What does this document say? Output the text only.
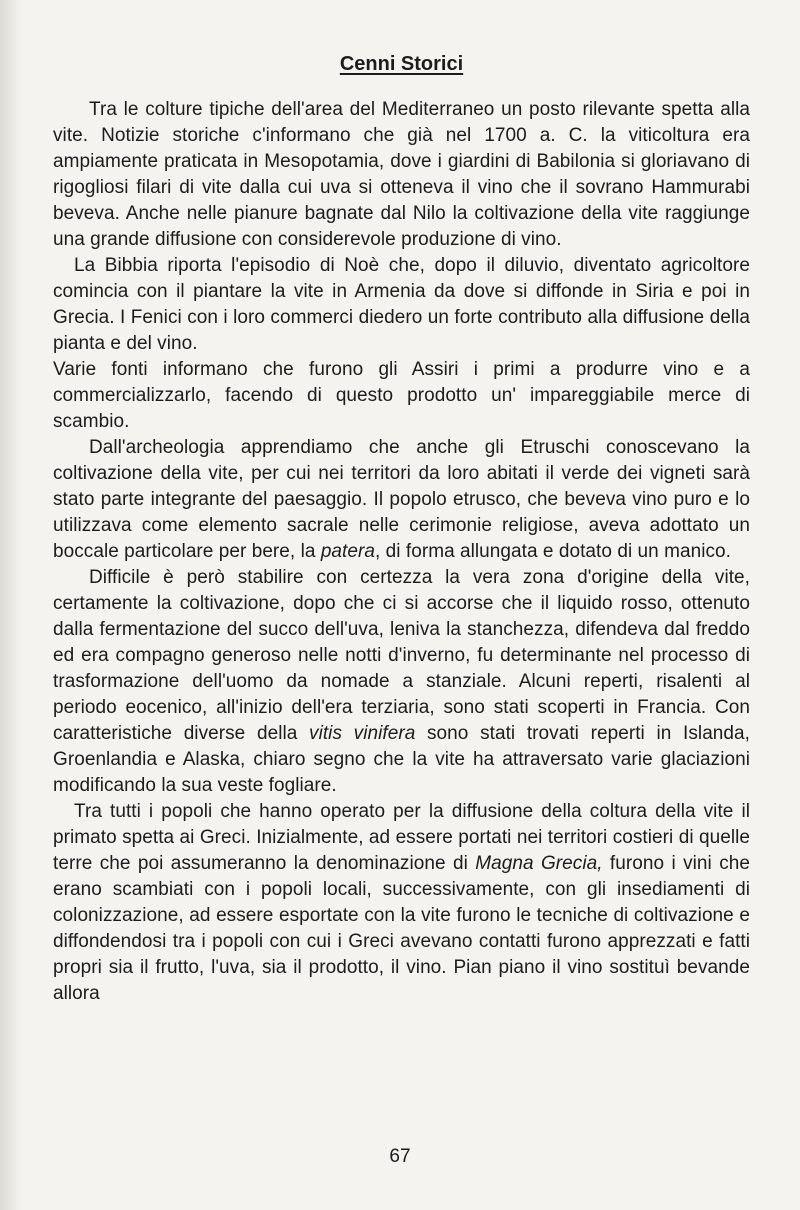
Cenni Storici

Tra le colture tipiche dell'area del Mediterraneo un posto rilevante spetta alla vite. Notizie storiche c'informano che già nel 1700 a. C. la viticoltura era ampiamente praticata in Mesopotamia, dove i giardini di Babilonia si gloriavano di rigogliosi filari di vite dalla cui uva si otteneva il vino che il sovrano Hammurabi beveva. Anche nelle pianure bagnate dal Nilo la coltivazione della vite raggiunge una grande diffusione con considerevole produzione di vino.

La Bibbia riporta l'episodio di Noè che, dopo il diluvio, diventato agricoltore comincia con il piantare la vite in Armenia da dove si diffonde in Siria e poi in Grecia. I Fenici con i loro commerci diedero un forte contributo alla diffusione della pianta e del vino.

Varie fonti informano che furono gli Assiri i primi a produrre vino e a commercializzarlo, facendo di questo prodotto un' impareggiabile merce di scambio.

Dall'archeologia apprendiamo che anche gli Etruschi conoscevano la coltivazione della vite, per cui nei territori da loro abitati il verde dei vigneti sarà stato parte integrante del paesaggio. Il popolo etrusco, che beveva vino puro e lo utilizzava come elemento sacrale nelle cerimonie religiose, aveva adottato un boccale particolare per bere, la patera, di forma allungata e dotato di un manico.

Difficile è però stabilire con certezza la vera zona d'origine della vite, certamente la coltivazione, dopo che ci si accorse che il liquido rosso, ottenuto dalla fermentazione del succo dell'uva, leniva la stanchezza, difendeva dal freddo ed era compagno generoso nelle notti d'inverno, fu determinante nel processo di trasformazione dell'uomo da nomade a stanziale. Alcuni reperti, risalenti al periodo eocenico, all'inizio dell'era terziaria, sono stati scoperti in Francia. Con caratteristiche diverse della vitis vinifera sono stati trovati reperti in Islanda, Groenlandia e Alaska, chiaro segno che la vite ha attraversato varie glaciazioni modificando la sua veste fogliare.

Tra tutti i popoli che hanno operato per la diffusione della coltura della vite il primato spetta ai Greci. Inizialmente, ad essere portati nei territori costieri di quelle terre che poi assumeranno la denominazione di Magna Grecia, furono i vini che erano scambiati con i popoli locali, successivamente, con gli insediamenti di colonizzazione, ad essere esportate con la vite furono le tecniche di coltivazione e diffondendosi tra i popoli con cui i Greci avevano contatti furono apprezzati e fatti propri sia il frutto, l'uva, sia il prodotto, il vino. Pian piano il vino sostituì bevande allora

67
